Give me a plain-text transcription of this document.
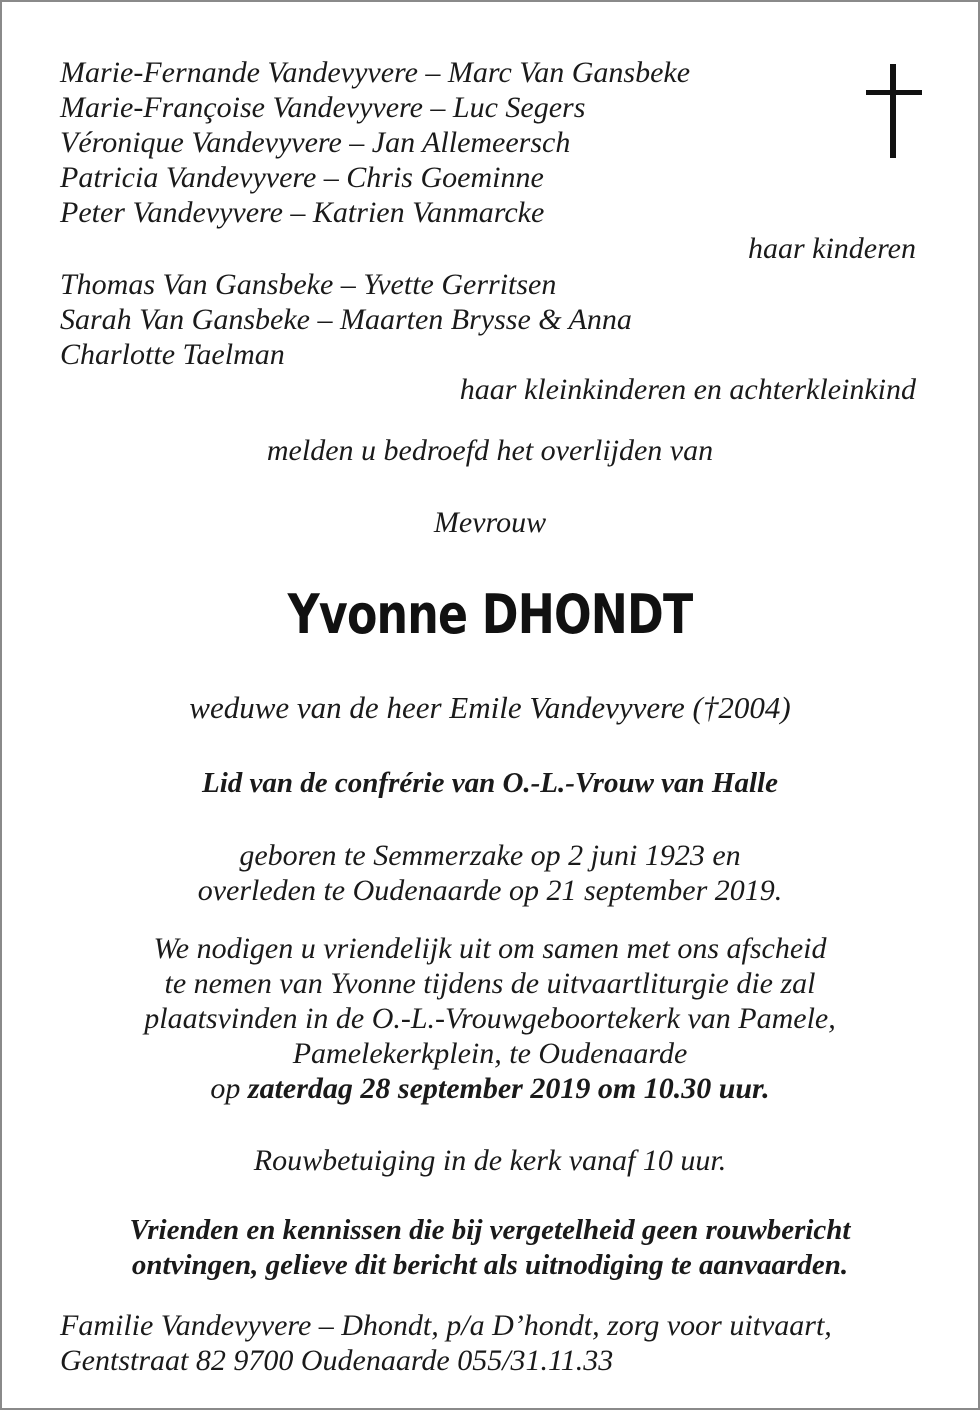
Marie-Fernande Vandevyvere – Marc Van Gansbeke
Marie-Françoise Vandevyvere – Luc Segers
Véronique Vandevyvere – Jan Allemeersch
Patricia Vandevyvere – Chris Goeminne
Peter Vandevyvere – Katrien Vanmarcke
haar kinderen
Thomas Van Gansbeke – Yvette Gerritsen
Sarah Van Gansbeke – Maarten Brysse & Anna
Charlotte Taelman
haar kleinkinderen en achterkleinkind
melden u bedroefd het overlijden van
Mevrouw
Yvonne DHONDT
weduwe van de heer Emile Vandevyvere (†2004)
Lid van de confrérie van O.-L.-Vrouw van Halle
geboren te Semmerzake op 2 juni 1923 en
overleden te Oudenaarde op 21 september 2019.
We nodigen u vriendelijk uit om samen met ons afscheid
te nemen van Yvonne tijdens de uitvaartliturgie die zal
plaatsvinden in de O.-L.-Vrouwgeboortekerk van Pamele,
Pamelekerkplein, te Oudenaarde
op zaterdag 28 september 2019 om 10.30 uur.
Rouwbetuiging in de kerk vanaf 10 uur.
Vrienden en kennissen die bij vergetelheid geen rouwbericht
ontvingen, gelieve dit bericht als uitnodiging te aanvaarden.
Familie Vandevyvere – Dhondt, p/a D’hondt, zorg voor uitvaart,
Gentstraat 82 9700 Oudenaarde 055/31.11.33
